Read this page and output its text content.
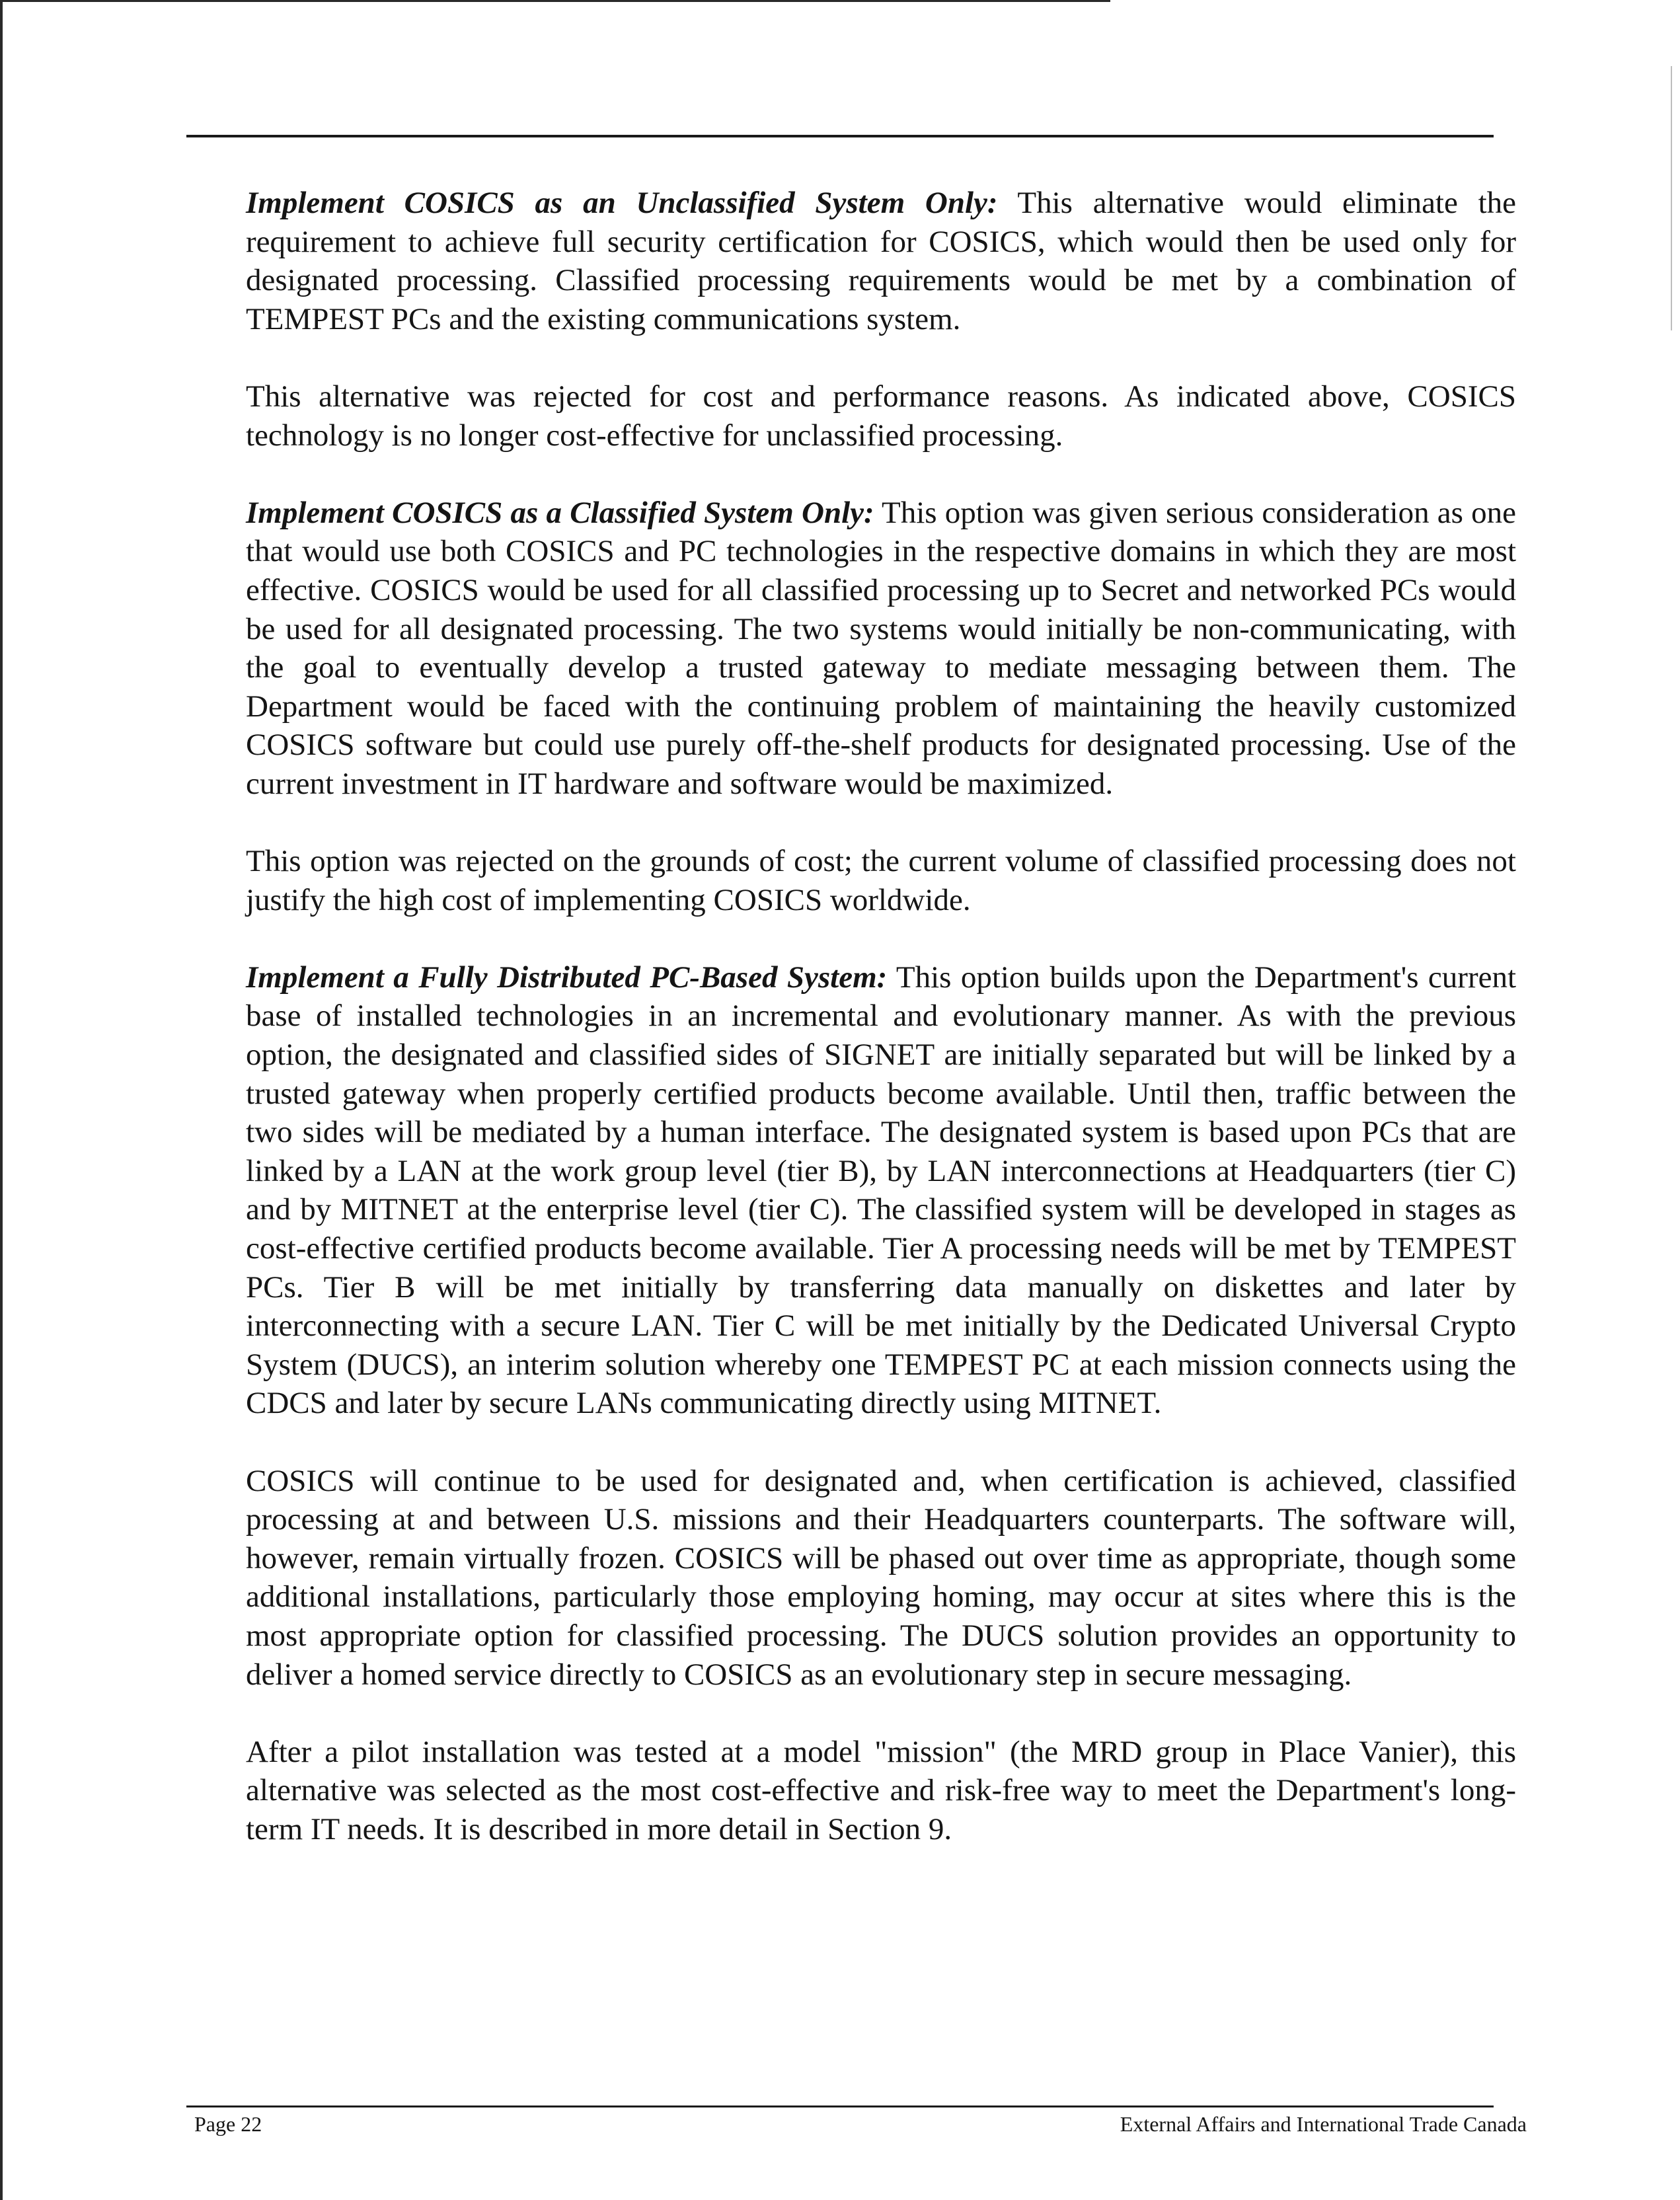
Implement COSICS as an Unclassified System Only: This alternative would eliminate the requirement to achieve full security certification for COSICS, which would then be used only for designated processing. Classified processing requirements would be met by a combination of TEMPEST PCs and the existing communications system.

This alternative was rejected for cost and performance reasons. As indicated above, COSICS technology is no longer cost-effective for unclassified processing.

Implement COSICS as a Classified System Only: This option was given serious consideration as one that would use both COSICS and PC technologies in the respective domains in which they are most effective. COSICS would be used for all classified processing up to Secret and networked PCs would be used for all designated processing. The two systems would initially be non-communicating, with the goal to eventually develop a trusted gateway to mediate messaging between them. The Department would be faced with the continuing problem of maintaining the heavily customized COSICS software but could use purely off-the-shelf products for designated processing. Use of the current investment in IT hardware and software would be maximized.

This option was rejected on the grounds of cost; the current volume of classified processing does not justify the high cost of implementing COSICS worldwide.

Implement a Fully Distributed PC-Based System: This option builds upon the Department's current base of installed technologies in an incremental and evolutionary manner. As with the previous option, the designated and classified sides of SIGNET are initially separated but will be linked by a trusted gateway when properly certified products become available. Until then, traffic between the two sides will be mediated by a human interface. The designated system is based upon PCs that are linked by a LAN at the work group level (tier B), by LAN interconnections at Headquarters (tier C) and by MITNET at the enterprise level (tier C). The classified system will be developed in stages as cost-effective certified products become available. Tier A processing needs will be met by TEMPEST PCs. Tier B will be met initially by transferring data manually on diskettes and later by interconnecting with a secure LAN. Tier C will be met initially by the Dedicated Universal Crypto System (DUCS), an interim solution whereby one TEMPEST PC at each mission connects using the CDCS and later by secure LANs communicating directly using MITNET.

COSICS will continue to be used for designated and, when certification is achieved, classified processing at and between U.S. missions and their Headquarters counterparts. The software will, however, remain virtually frozen. COSICS will be phased out over time as appropriate, though some additional installations, particularly those employing homing, may occur at sites where this is the most appropriate option for classified processing. The DUCS solution provides an opportunity to deliver a homed service directly to COSICS as an evolutionary step in secure messaging.

After a pilot installation was tested at a model "mission" (the MRD group in Place Vanier), this alternative was selected as the most cost-effective and risk-free way to meet the Department's long-term IT needs. It is described in more detail in Section 9.

Page 22	External Affairs and International Trade Canada
